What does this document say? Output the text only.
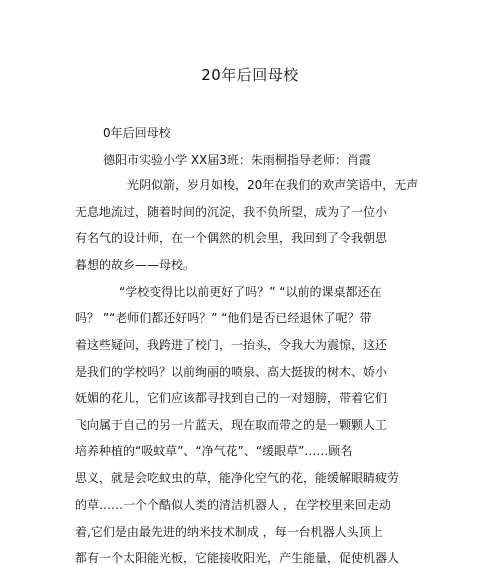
20年后回母校
0年后回母校
德阳市实验小学 XX届3班：朱雨桐指导老师：肖霞
光阴似箭，岁月如梭，20年在我们的欢声笑语中，无声
无息地流过，随着时间的沉淀，我不负所望，成为了一位小
有名气的设计师，在一个偶然的机会里，我回到了令我朝思
暮想的故乡——母校。
“学校变得比以前更好了吗？” “以前的课桌都还在
吗？ ”“老师们都还好吗？” “他们是否已经退休了呢？带
着这些疑问，我跨进了校门，一抬头，令我大为震惊，这还
是我们的学校吗？以前绚丽的喷泉、高大挺拔的树木、娇小
妩媚的花儿，它们应该都寻找到自己的一对翅膀，带着它们
飞向属于自己的另一片蓝天，现在取而带之的是一颗颗人工
培养种植的“吸蚊草”、“净气花”、“缓眼草”……顾名
思义，就是会吃蚊虫的草，能净化空气的花，能缓解眼睛疲劳
的草……一个个酷似人类的清洁机器人 ，在学校里来回走动
着,它们是由最先进的纳米技术制成 ，每一台机器人头顶上
都有一个太阳能光板，它能接收阳光，产生能量，促使机器人
